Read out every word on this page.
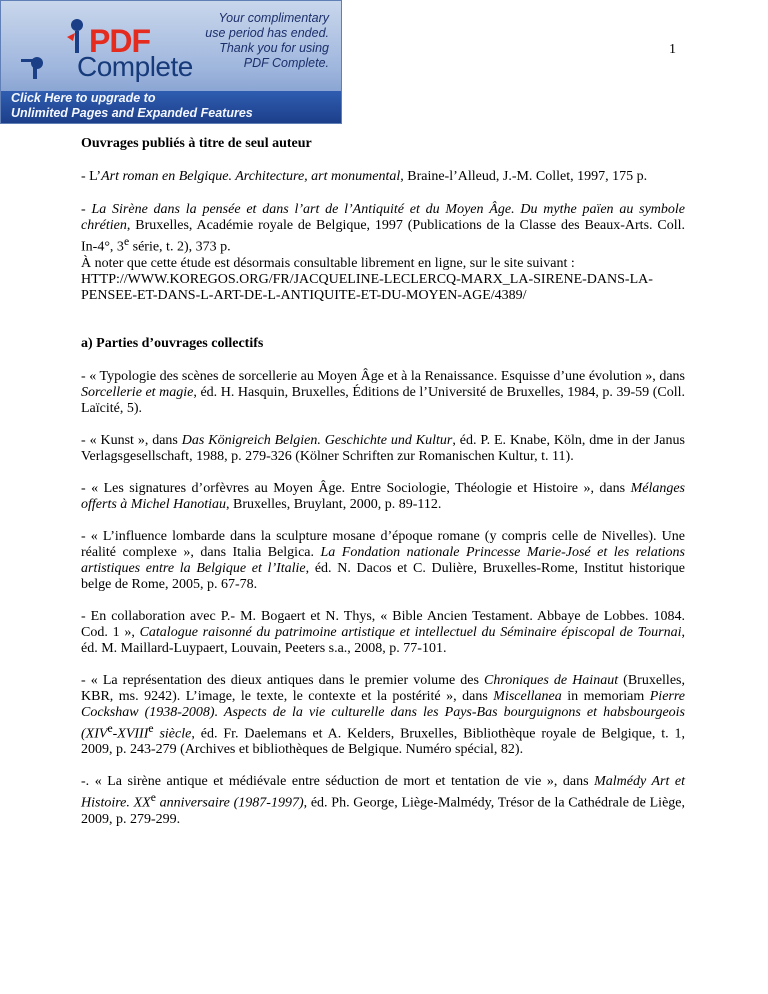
PDF
Complete
Your complimentary
use period has ended.
Thank you for using
PDF Complete.
Click Here to upgrade to
Unlimited Pages and Expanded Features
1
Ouvrages publiés à titre de seul auteur

- L’Art roman en Belgique. Architecture, art monumental, Braine-l’Alleud, J.-M. Collet, 1997, 175 p.

- La Sirène dans la pensée et dans l’art de l’Antiquité et du Moyen Âge. Du mythe païen au symbole chrétien, Bruxelles, Académie royale de Belgique, 1997 (Publications de la Classe des Beaux-Arts. Coll. In-4°, 3e série, t. 2), 373 p.

À noter que cette étude est désormais consultable librement en ligne, sur le site suivant :

HTTP://WWW.KOREGOS.ORG/FR/JACQUELINE-LECLERCQ-MARX_LA-SIRENE-DANS-LA-PENSEE-ET-DANS-L-ART-DE-L-ANTIQUITE-ET-DU-MOYEN-AGE/4389/

a) Parties d’ouvrages collectifs

- « Typologie des scènes de sorcellerie au Moyen Âge et à la Renaissance. Esquisse d’une évolution », dans Sorcellerie et magie, éd. H. Hasquin, Bruxelles, Éditions de l’Université de Bruxelles, 1984, p. 39-59 (Coll. Laïcité, 5).

- « Kunst », dans Das Königreich Belgien. Geschichte und Kultur, éd. P. E. Knabe, Köln, dme in der Janus Verlagsgesellschaft, 1988, p. 279-326 (Kölner Schriften zur Romanischen Kultur, t. 11).

- « Les signatures d’orfèvres au Moyen Âge. Entre Sociologie, Théologie et Histoire », dans Mélanges offerts à Michel Hanotiau, Bruxelles, Bruylant, 2000, p. 89-112.

- « L’influence lombarde dans la sculpture mosane d’époque romane (y compris celle de Nivelles). Une réalité complexe », dans Italia Belgica. La Fondation nationale Princesse Marie-José et les relations artistiques entre la Belgique et l’Italie, éd. N. Dacos et C. Dulière, Bruxelles-Rome, Institut historique belge de Rome, 2005, p. 67-78.

- En collaboration avec P.- M. Bogaert et N. Thys, « Bible Ancien Testament. Abbaye de Lobbes. 1084. Cod. 1 », Catalogue raisonné du patrimoine artistique et intellectuel du Séminaire épiscopal de Tournai, éd. M. Maillard-Luypaert, Louvain, Peeters s.a., 2008, p. 77-101.

- « La représentation des dieux antiques dans le premier volume des Chroniques de Hainaut (Bruxelles, KBR, ms. 9242). L’image, le texte, le contexte et la postérité », dans Miscellanea in memoriam Pierre Cockshaw (1938-2008). Aspects de la vie culturelle dans les Pays-Bas bourguignons et habsbourgeois (XIVe-XVIIIe siècle, éd. Fr. Daelemans et A. Kelders, Bruxelles, Bibliothèque royale de Belgique, t. 1, 2009, p. 243-279 (Archives et bibliothèques de Belgique. Numéro spécial, 82).

-. « La sirène antique et médiévale entre séduction de mort et tentation de vie », dans Malmédy Art et Histoire. XXe anniversaire (1987-1997), éd. Ph. George, Liège-Malmédy, Trésor de la Cathédrale de Liège, 2009, p. 279-299.
